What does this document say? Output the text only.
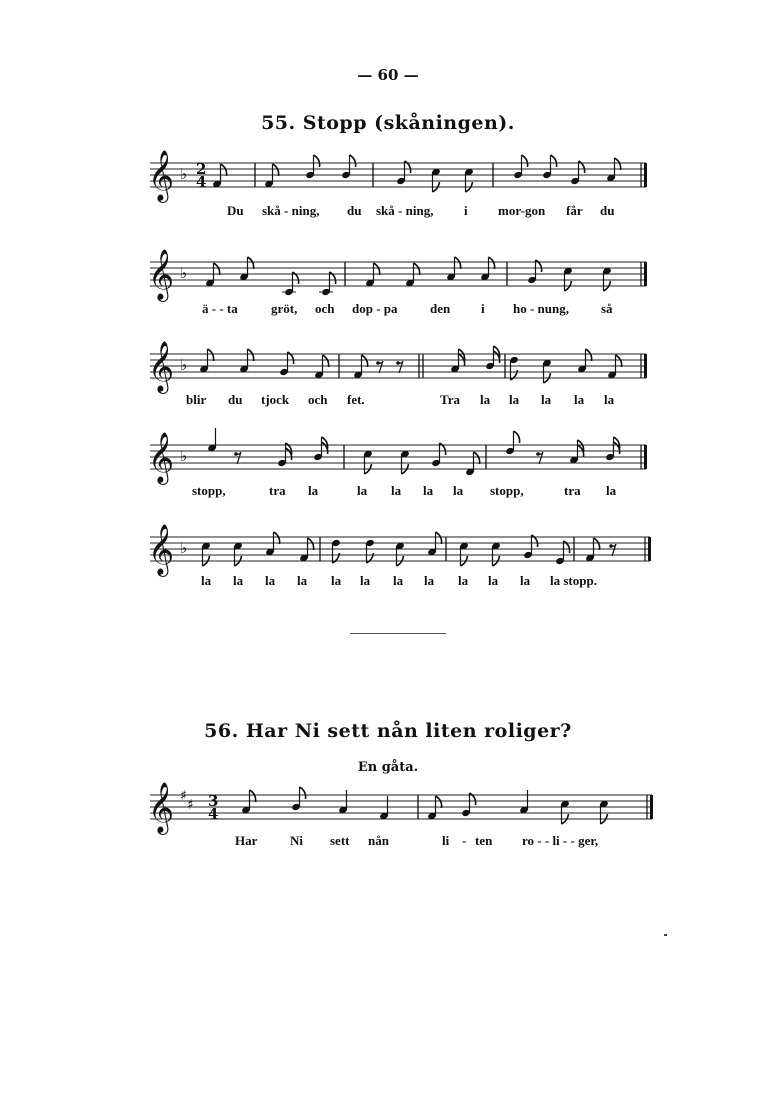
— 60 —
55. Stopp (skåningen).
56. Har Ni sett nån liten roliger?
En gåta.
𝄞 ♭ 2
4
𝄞 ♭
𝄞 ♭
𝄞 ♭
𝄞 ♭
𝄞 ♯
♯ 3
4
Du skå - ning, du skå - ning, i mor-gon får du
ä - - ta	gröt, och dop - pa den i ho - nung, så
blir du tjock och fet.	Tra la la la la la
stopp,	tra la	la la la la stopp,	tra la
la la la la la la la la la la la la stopp.
Har	Ni sett nån	li - ten ro - - li - - ger,
